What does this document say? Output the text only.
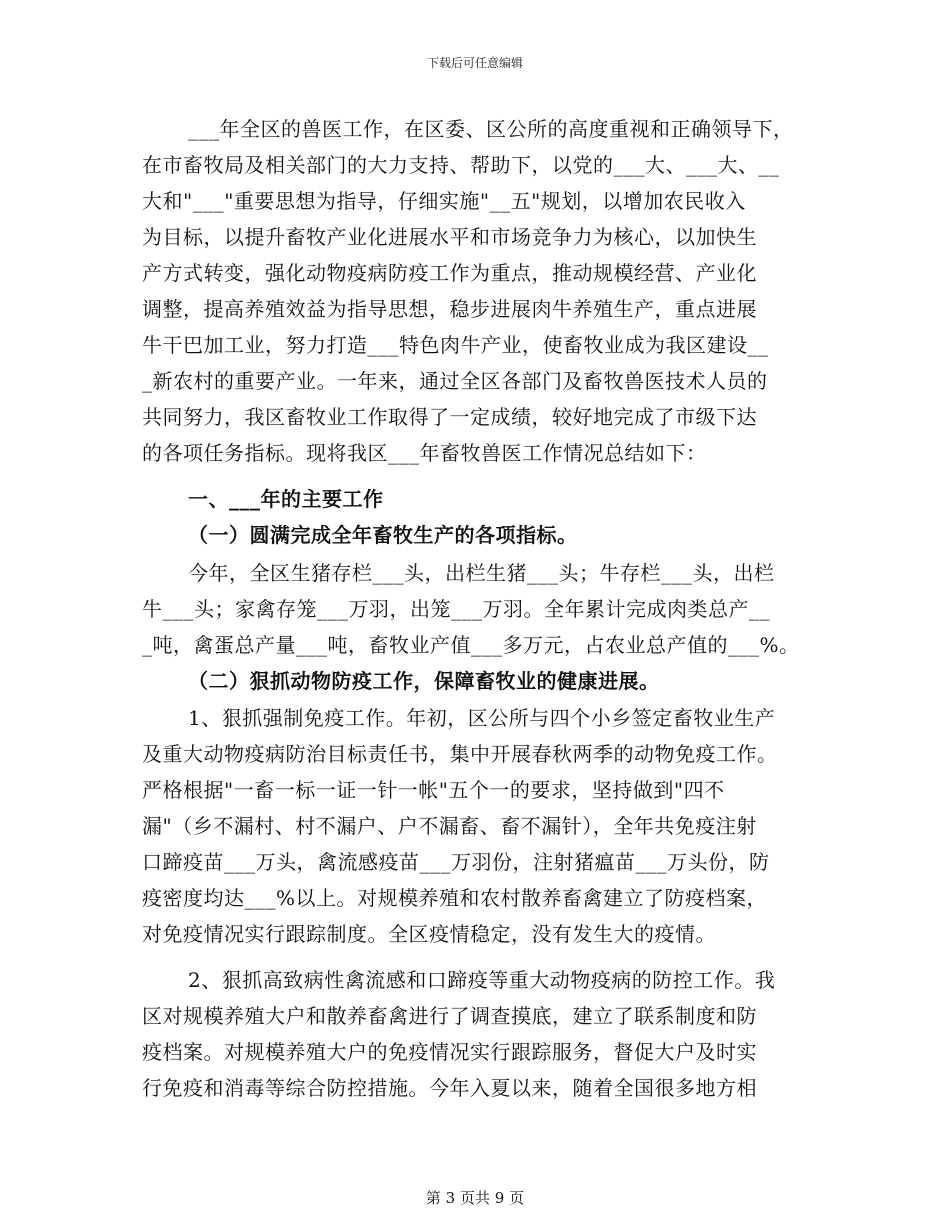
下载后可任意编辑
___年全区的兽医工作，在区委、区公所的高度重视和正确领导下，
在市畜牧局及相关部门的大力支持、帮助下，以党的___大、___大、__
大和"___"重要思想为指导，仔细实施"__五"规划，以增加农民收入
为目标，以提升畜牧产业化进展水平和市场竞争力为核心，以加快生
产方式转变，强化动物疫病防疫工作为重点，推动规模经营、产业化
调整，提高养殖效益为指导思想，稳步进展肉牛养殖生产，重点进展
牛干巴加工业，努力打造___特色肉牛产业，使畜牧业成为我区建设__
_新农村的重要产业。一年来，通过全区各部门及畜牧兽医技术人员的
共同努力，我区畜牧业工作取得了一定成绩，较好地完成了市级下达
的各项任务指标。现将我区___年畜牧兽医工作情况总结如下：
一、___年的主要工作
（一）圆满完成全年畜牧生产的各项指标。
今年，全区生猪存栏___头，出栏生猪___头；牛存栏___头，出栏
牛___头；家禽存笼___万羽，出笼___万羽。全年累计完成肉类总产__
_吨，禽蛋总产量___吨，畜牧业产值___多万元，占农业总产值的___%。
（二）狠抓动物防疫工作，保障畜牧业的健康进展。
1、狠抓强制免疫工作。年初，区公所与四个小乡签定畜牧业生产
及重大动物疫病防治目标责任书，集中开展春秋两季的动物免疫工作。
严格根据"一畜一标一证一针一帐"五个一的要求，坚持做到"四不
漏"（乡不漏村、村不漏户、户不漏畜、畜不漏针），全年共免疫注射
口蹄疫苗___万头，禽流感疫苗___万羽份，注射猪瘟苗___万头份，防
疫密度均达___%以上。对规模养殖和农村散养畜禽建立了防疫档案，
对免疫情况实行跟踪制度。全区疫情稳定，没有发生大的疫情。
2、狠抓高致病性禽流感和口蹄疫等重大动物疫病的防控工作。我
区对规模养殖大户和散养畜禽进行了调查摸底，建立了联系制度和防
疫档案。对规模养殖大户的免疫情况实行跟踪服务，督促大户及时实
行免疫和消毒等综合防控措施。今年入夏以来，随着全国很多地方相
第 3 页共 9 页
